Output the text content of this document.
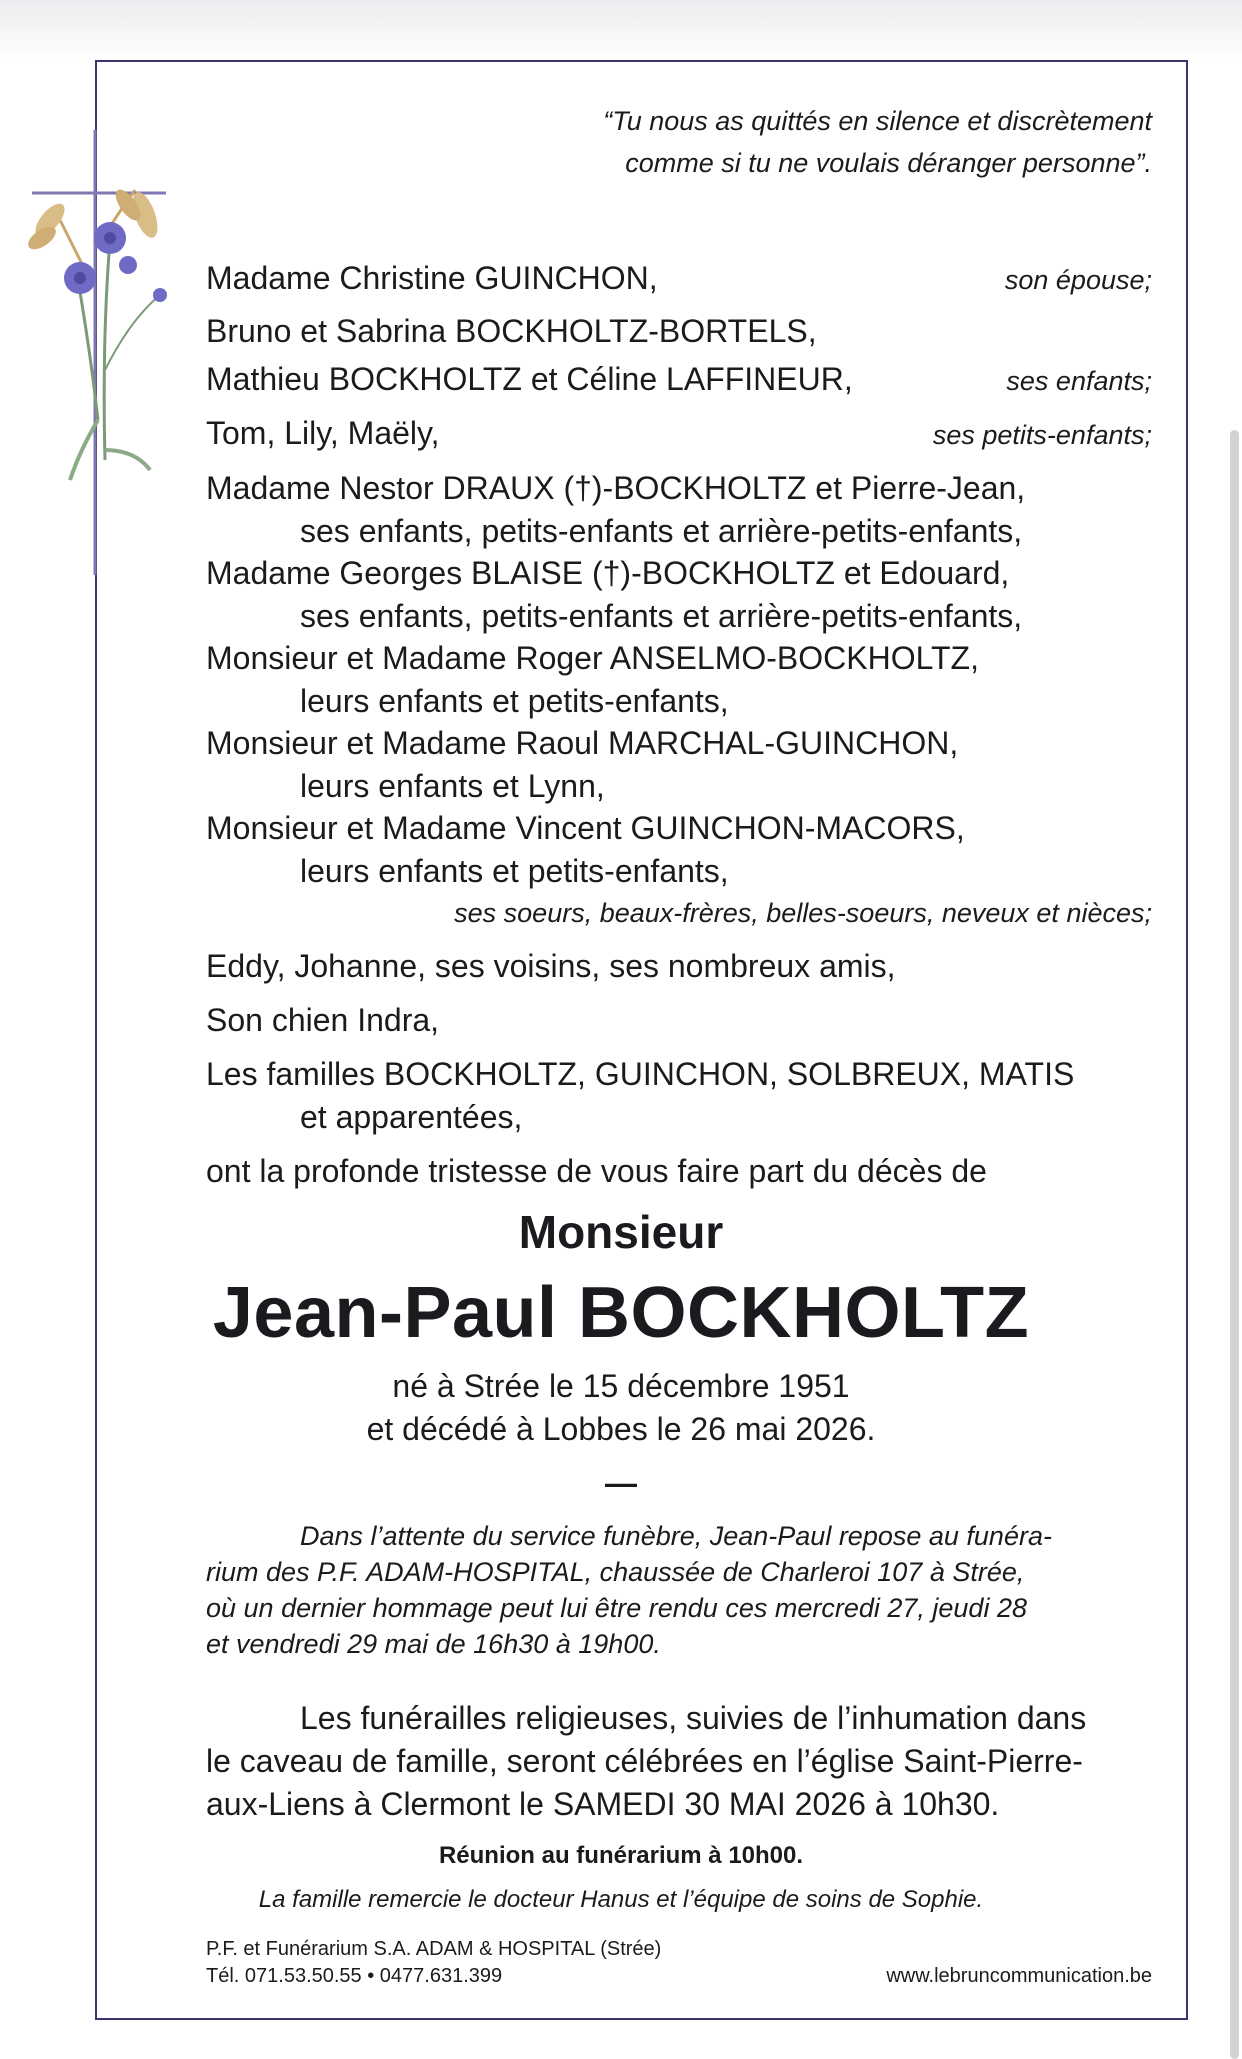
“Tu nous as quittés en silence et discrètement
comme si tu ne voulais déranger personne”.
Madame Christine GUINCHON,	son épouse;
Bruno et Sabrina BOCKHOLTZ-BORTELS,
Mathieu BOCKHOLTZ et Céline LAFFINEUR,	ses enfants;
Tom, Lily, Maëly,	ses petits-enfants;
Madame Nestor DRAUX (†)-BOCKHOLTZ et Pierre-Jean,
ses enfants, petits-enfants et arrière-petits-enfants,
Madame Georges BLAISE (†)-BOCKHOLTZ et Edouard,
ses enfants, petits-enfants et arrière-petits-enfants,
Monsieur et Madame Roger ANSELMO-BOCKHOLTZ,
leurs enfants et petits-enfants,
Monsieur et Madame Raoul MARCHAL-GUINCHON,
leurs enfants et Lynn,
Monsieur et Madame Vincent GUINCHON-MACORS,
leurs enfants et petits-enfants,
ses soeurs, beaux-frères, belles-soeurs, neveux et nièces;
Eddy, Johanne, ses voisins, ses nombreux amis,
Son chien Indra,
Les familles BOCKHOLTZ, GUINCHON, SOLBREUX, MATIS
et apparentées,
ont la profonde tristesse de vous faire part du décès de
Monsieur
Jean-Paul BOCKHOLTZ
né à Strée le 15 décembre 1951
et décédé à Lobbes le 26 mai 2026.
—
Dans l’attente du service funèbre, Jean-Paul repose au funéra-
rium des P.F. ADAM-HOSPITAL, chaussée de Charleroi 107 à Strée,
où un dernier hommage peut lui être rendu ces mercredi 27, jeudi 28
et vendredi 29 mai de 16h30 à 19h00.
Les funérailles religieuses, suivies de l’inhumation dans
le caveau de famille, seront célébrées en l’église Saint-Pierre-
aux-Liens à Clermont le SAMEDI 30 MAI 2026 à 10h30.
Réunion au funérarium à 10h00.
La famille remercie le docteur Hanus et l’équipe de soins de Sophie.
P.F. et Funérarium S.A. ADAM & HOSPITAL (Strée)
Tél. 071.53.50.55 • 0477.631.399	www.lebruncommunication.be
